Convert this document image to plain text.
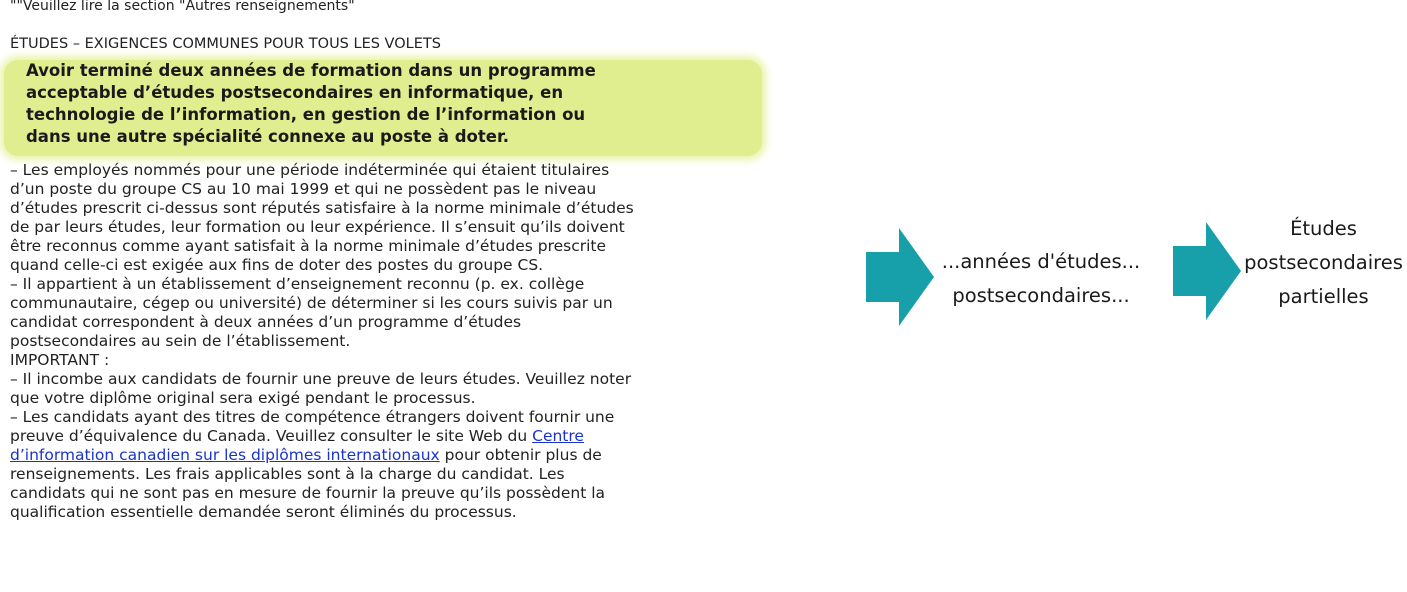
""Veuillez lire la section "Autres renseignements"
ÉTUDES – EXIGENCES COMMUNES POUR TOUS LES VOLETS
Avoir terminé deux années de formation dans un programme
acceptable d’études postsecondaires en informatique, en
technologie de l’information, en gestion de l’information ou
dans une autre spécialité connexe au poste à doter.

– Les employés nommés pour une période indéterminée qui étaient titulaires

d’un poste du groupe CS au 10 mai 1999 et qui ne possèdent pas le niveau

d’études prescrit ci-dessus sont réputés satisfaire à la norme minimale d’études

de par leurs études, leur formation ou leur expérience. Il s’ensuit qu’ils doivent

être reconnus comme ayant satisfait à la norme minimale d’études prescrite

quand celle-ci est exigée aux fins de doter des postes du groupe CS.

– Il appartient à un établissement d’enseignement reconnu (p. ex. collège

communautaire, cégep ou université) de déterminer si les cours suivis par un

candidat correspondent à deux années d’un programme d’études

postsecondaires au sein de l’établissement.

IMPORTANT :

– Il incombe aux candidats de fournir une preuve de leurs études. Veuillez noter

que votre diplôme original sera exigé pendant le processus.

– Les candidats ayant des titres de compétence étrangers doivent fournir une

preuve d’équivalence du Canada. Veuillez consulter le site Web du Centre

d’information canadien sur les diplômes internationaux pour obtenir plus de

renseignements. Les frais applicables sont à la charge du candidat. Les

candidats qui ne sont pas en mesure de fournir la preuve qu’ils possèdent la

qualification essentielle demandée seront éliminés du processus.

...années d'études...
postsecondaires...
Études
postsecondaires
partielles
